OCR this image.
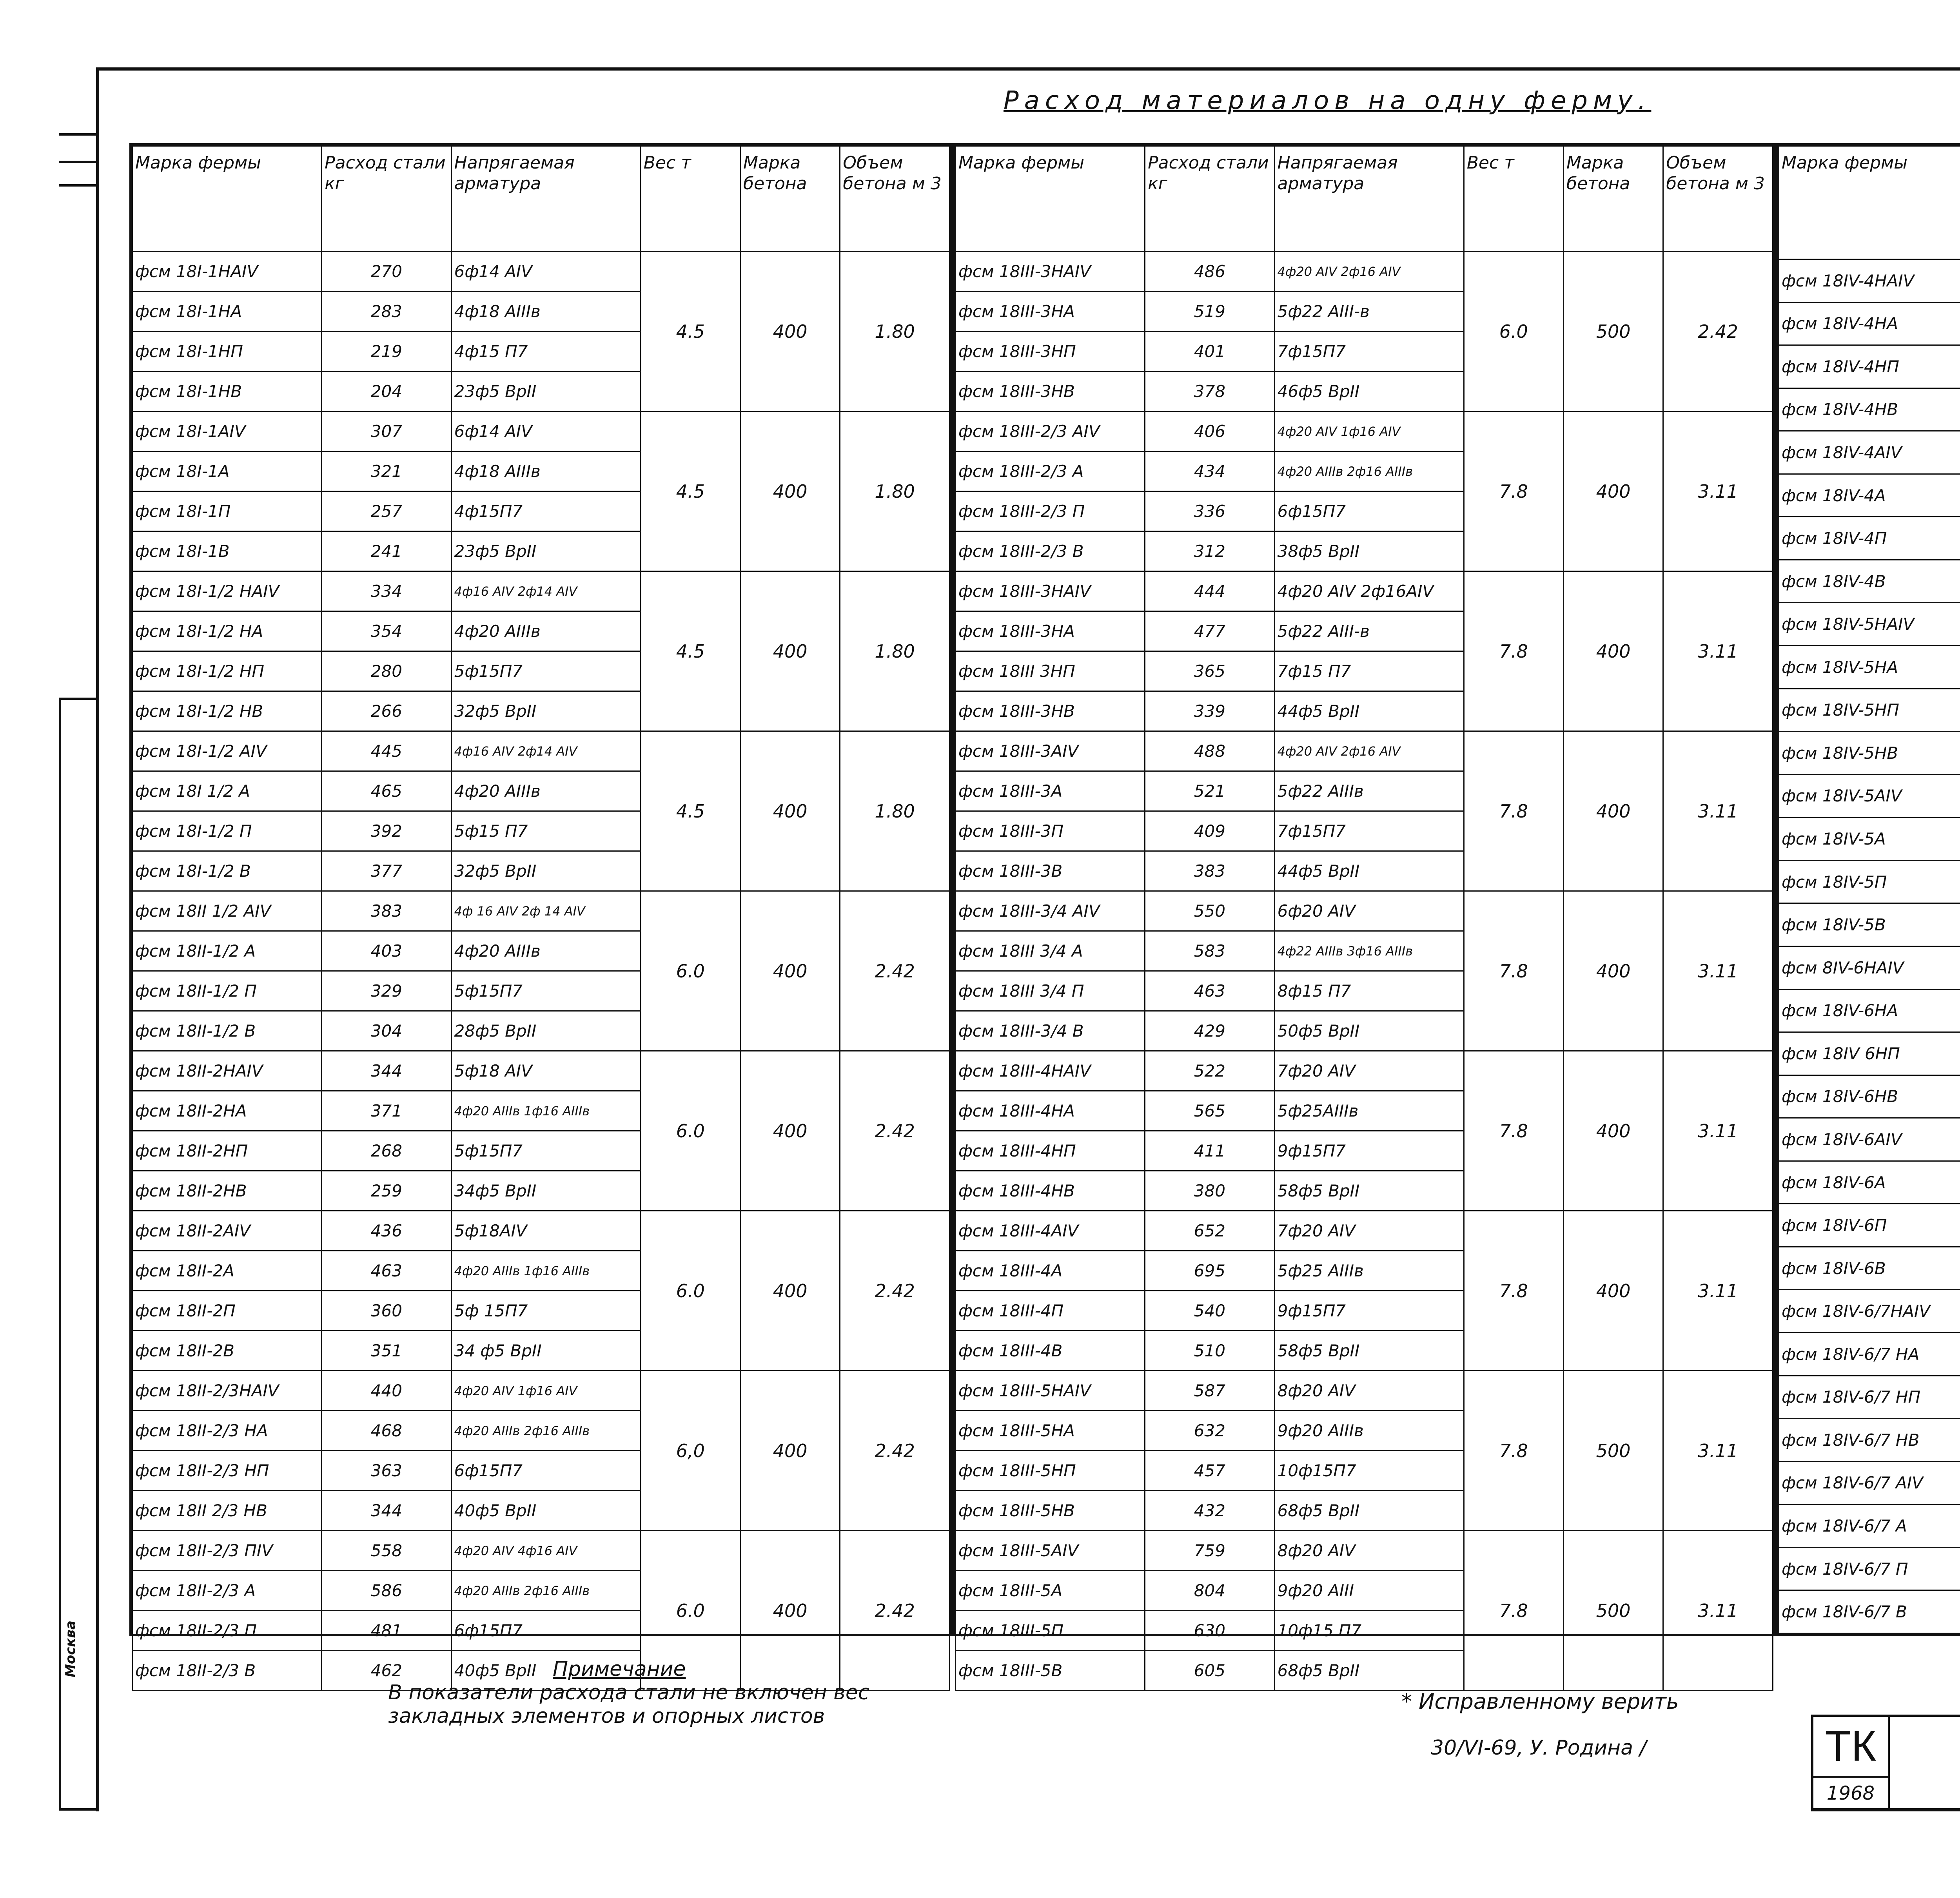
Расход материалов на одну ферму.
Марка фермы	Расход стали кг	Напрягаемая арматура	Вес т	Марка бетона	Объем бетона м 3
фсм 18I-1НАIV	270	6ф14 АIV	4.5	400	1.80
фсм 18I-1НА	283	4ф18 АIIIв			
фсм 18I-1НП	219	4ф15 П7			
фсм 18I-1НВ	204	23ф5 ВрII			
фсм 18I-1АIV	307	6ф14 АIV	4.5	400	1.80
фсм 18I-1А	321	4ф18 АIIIв			
фсм 18I-1П	257	4ф15П7			
фсм 18I-1В	241	23ф5 ВрII			
фсм 18I-1/2 НАIV	334	4ф16 АIV 2ф14 АIV	4.5	400	1.80
фсм 18I-1/2 НА	354	4ф20 АIIIв			
фсм 18I-1/2 НП	280	5ф15П7			
фсм 18I-1/2 НВ	266	32ф5 ВрII			
фсм 18I-1/2 АIV	445	4ф16 АIV 2ф14 АIV	4.5	400	1.80
фсм 18I 1/2 А	465	4ф20 АIIIв			
фсм 18I-1/2 П	392	5ф15 П7			
фсм 18I-1/2 В	377	32ф5 ВрII			
фсм 18II 1/2 АIV	383	4ф 16 АIV 2ф 14 АIV	6.0	400	2.42
фсм 18II-1/2 А	403	4ф20 АIIIв			
фсм 18II-1/2 П	329	5ф15П7			
фсм 18II-1/2 В	304	28ф5 ВрII			
фсм 18II-2НАIV	344	5ф18 АIV	6.0	400	2.42
фсм 18II-2НА	371	4ф20 АIIIв 1ф16 АIIIв			
фсм 18II-2НП	268	5ф15П7			
фсм 18II-2НВ	259	34ф5 ВрII			
фсм 18II-2АIV	436	5ф18АIV	6.0	400	2.42
фсм 18II-2А	463	4ф20 АIIIв 1ф16 АIIIв			
фсм 18II-2П	360	5ф 15П7			
фсм 18II-2В	351	34 ф5 ВрII			
фсм 18II-2/3НАIV	440	4ф20 АIV 1ф16 АIV	6,0	400	2.42
фсм 18II-2/3 НА	468	4ф20 АIIIв 2ф16 АIIIв			
фсм 18II-2/3 НП	363	6ф15П7			
фсм 18II 2/3 НВ	344	40ф5 ВрII			
фсм 18II-2/3 ПIV	558	4ф20 АIV 4ф16 АIV	6.0	400	2.42
фсм 18II-2/3 А	586	4ф20 АIIIв 2ф16 АIIIв			
фсм 18II-2/3 П	481	6ф15П7			
фсм 18II-2/3 В	462	40ф5 ВрII			
Марка фермы	Расход стали кг	Напрягаемая арматура	Вес т	Марка бетона	Объем бетона м 3
фсм 18III-3НАIV	486	4ф20 АIV 2ф16 АIV	6.0	500	2.42
фсм 18III-3НА	519	5ф22 АIII-в			
фсм 18III-3НП	401	7ф15П7			
фсм 18III-3НВ	378	46ф5 ВрII			
фсм 18III-2/3 АIV	406	4ф20 АIV 1ф16 АIV	7.8	400	3.11
фсм 18III-2/3 А	434	4ф20 АIIIв 2ф16 АIIIв			
фсм 18III-2/3 П	336	6ф15П7			
фсм 18III-2/3 В	312	38ф5 ВрII			
фсм 18III-3НАIV	444	4ф20 АIV 2ф16АIV	7.8	400	3.11
фсм 18III-3НА	477	5ф22 АIII-в			
фсм 18III 3НП	365	7ф15 П7			
фсм 18III-3НВ	339	44ф5 ВрII			
фсм 18III-3АIV	488	4ф20 АIV 2ф16 АIV	7.8	400	3.11
фсм 18III-3А	521	5ф22 АIIIв			
фсм 18III-3П	409	7ф15П7			
фсм 18III-3В	383	44ф5 ВрII			
фсм 18III-3/4 АIV	550	6ф20 АIV	7.8	400	3.11
фсм 18III 3/4 А	583	4ф22 АIIIв 3ф16 АIIIв			
фсм 18III 3/4 П	463	8ф15 П7			
фсм 18III-3/4 В	429	50ф5 ВрII			
фсм 18III-4НАIV	522	7ф20 АIV	7.8	400	3.11
фсм 18III-4НА	565	5ф25АIIIв			
фсм 18III-4НП	411	9ф15П7			
фсм 18III-4НВ	380	58ф5 ВрII			
фсм 18III-4АIV	652	7ф20 АIV	7.8	400	3.11
фсм 18III-4А	695	5ф25 АIIIв			
фсм 18III-4П	540	9ф15П7			
фсм 18III-4В	510	58ф5 ВрII			
фсм 18III-5НАIV	587	8ф20 АIV	7.8	500	3.11
фсм 18III-5НА	632	9ф20 АIIIв			
фсм 18III-5НП	457	10ф15П7			
фсм 18III-5НВ	432	68ф5 ВрII			
фсм 18III-5АIV	759	8ф20 АIV	7.8	500	3.11
фсм 18III-5А	804	9ф20 АIII			
фсм 18III-5П	630	10ф15 П7			
фсм 18III-5В	605	68ф5 ВрII			
Марка фермы					
фсм 18IV-4НАIV					
фсм 18IV-4НА		
фсм 18IV-4НП		
фсм 18IV-4НВ		
фсм 18IV-4АIV					
фсм 18IV-4А		
фсм 18IV-4П		
фсм 18IV-4В		
фсм 18IV-5НАIV					
фсм 18IV-5НА		
фсм 18IV-5НП		
фсм 18IV-5НВ		
фсм 18IV-5АIV					
фсм 18IV-5А		
фсм 18IV-5П		
фсм 18IV-5В		
фсм 8IV-6НАIV					
фсм 18IV-6НА		
фсм 18IV 6НП		
фсм 18IV-6НВ		
фсм 18IV-6АIV					
фсм 18IV-6А		
фсм 18IV-6П		
фсм 18IV-6В		
фсм 18IV-6/7НАIV					
фсм 18IV-6/7 НА		
фсм 18IV-6/7 НП		
фсм 18IV-6/7 НВ		
фсм 18IV-6/7 АIV					
фсм 18IV-6/7 А		
фсм 18IV-6/7 П		
фсм 18IV-6/7 В		
Примечание
В показатели расхода стали не включен вес
закладных элементов и опорных листов
* Исправленному верить
30/VI-69, У. Родина /	ТК
1968
Москва
